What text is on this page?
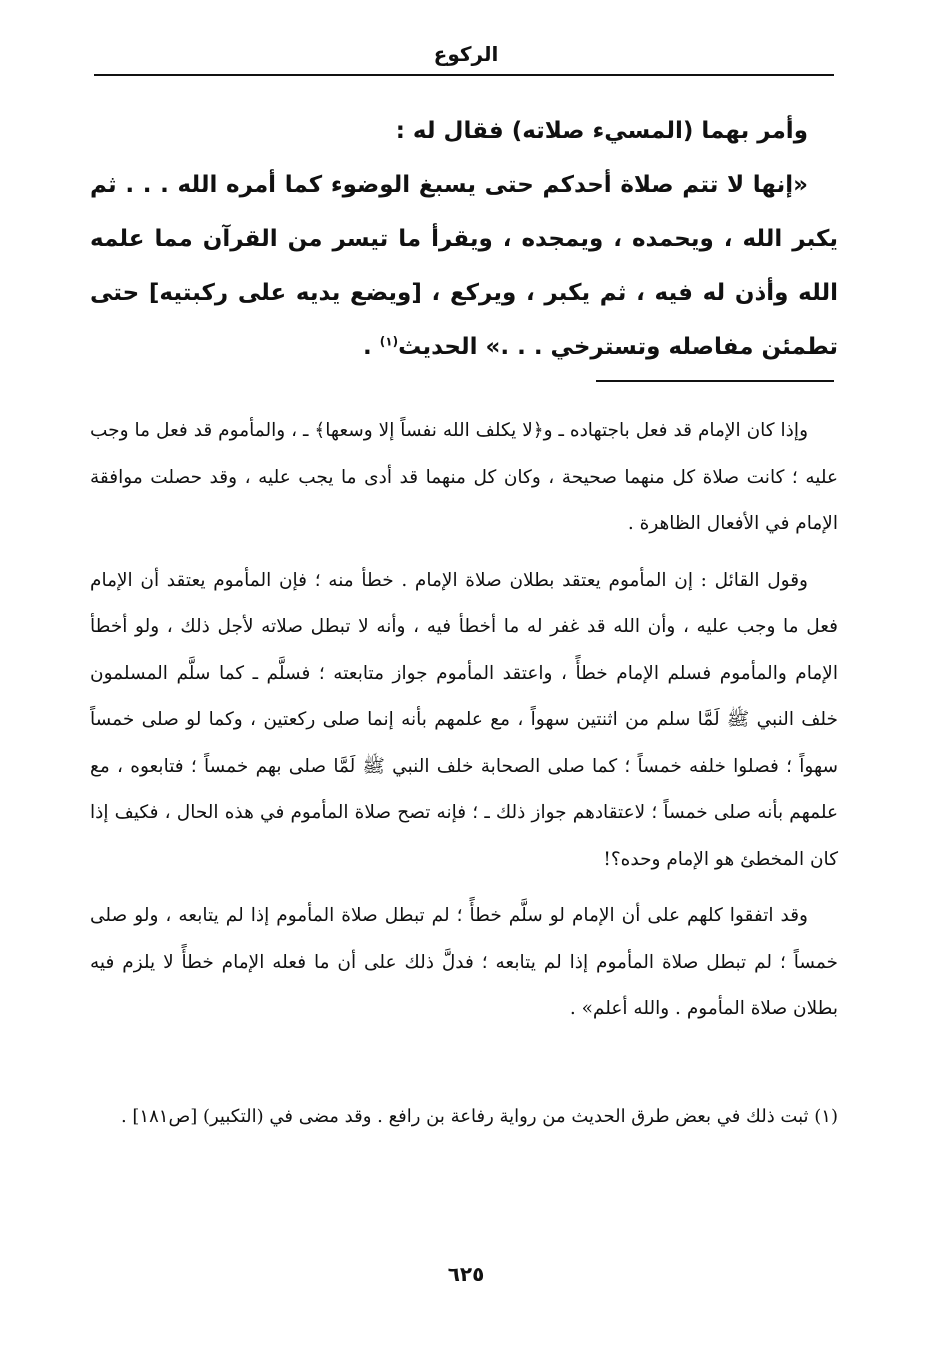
الركوع

وأمر بهما (المسيء صلاته) فقال له :

«إنها لا تتم صلاة أحدكم حتى يسبغ الوضوء كما أمره الله . . . ثم يكبر الله ، ويحمده ، ويمجده ، ويقرأ ما تيسر من القرآن مما علمه الله وأذن له فيه ، ثم يكبر ، ويركع ، [ويضع يديه على ركبتيه] حتى تطمئن مفاصله وتسترخي . . .» الحديث$^{(١)}$ .

وإذا كان الإمام قد فعل باجتهاده ـ و﴿لا يكلف الله نفساً إلا وسعها﴾ ـ ، والمأموم قد فعل ما وجب عليه ؛ كانت صلاة كل منهما صحيحة ، وكان كل منهما قد أدى ما يجب عليه ، وقد حصلت موافقة الإمام في الأفعال الظاهرة .

وقول القائل : إن المأموم يعتقد بطلان صلاة الإمام . خطأ منه ؛ فإن المأموم يعتقد أن الإمام فعل ما وجب عليه ، وأن الله قد غفر له ما أخطأ فيه ، وأنه لا تبطل صلاته لأجل ذلك ، ولو أخطأ الإمام والمأموم فسلم الإمام خطأً ، واعتقد المأموم جواز متابعته ؛ فسلَّم ـ كما سلَّم المسلمون خلف النبي ﷺ لَمَّا سلم من اثنتين سهواً ، مع علمهم بأنه إنما صلى ركعتين ، وكما لو صلى خمساً سهواً ؛ فصلوا خلفه خمساً ؛ كما صلى الصحابة خلف النبي ﷺ لَمَّا صلى بهم خمساً ؛ فتابعوه ، مع علمهم بأنه صلى خمساً ؛ لاعتقادهم جواز ذلك ـ ؛ فإنه تصح صلاة المأموم في هذه الحال ، فكيف إذا كان المخطئ هو الإمام وحده؟!

وقد اتفقوا كلهم على أن الإمام لو سلَّم خطأً ؛ لم تبطل صلاة المأموم إذا لم يتابعه ، ولو صلى خمساً ؛ لم تبطل صلاة المأموم إذا لم يتابعه ؛ فدلَّ ذلك على أن ما فعله الإمام خطأً لا يلزم فيه بطلان صلاة المأموم . والله أعلم» .

(١) ثبت ذلك في بعض طرق الحديث من رواية رفاعة بن رافع . وقد مضى في (التكبير) [ص١٨١] .

٦٢٥
